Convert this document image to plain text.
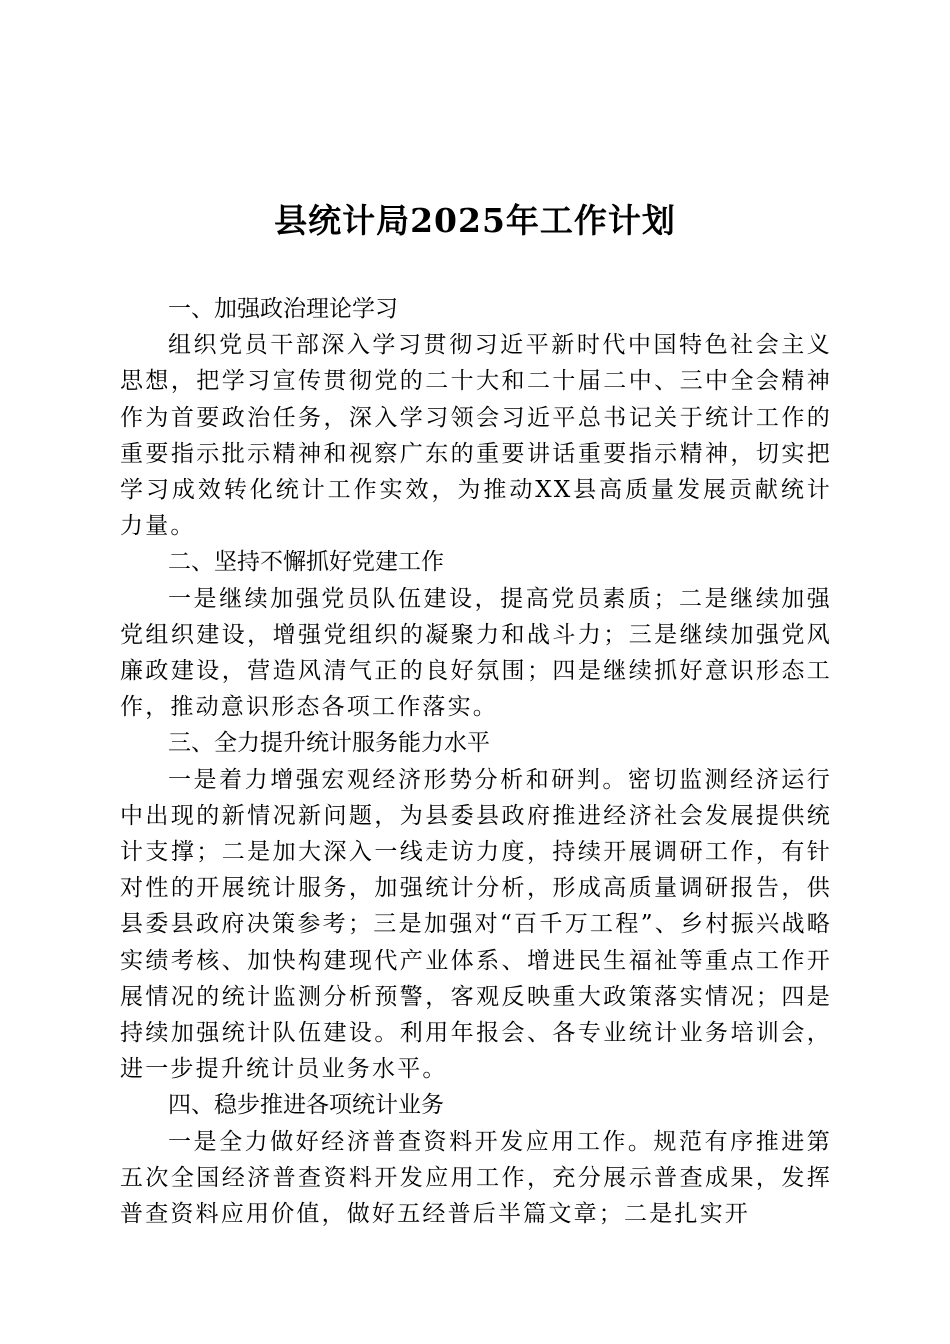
县统计局2025年工作计划
一、加强政治理论学习

组织党员干部深入学习贯彻习近平新时代中国特色社会主义思想，把学习宣传贯彻党的二十大和二十届二中、三中全会精神作为首要政治任务，深入学习领会习近平总书记关于统计工作的重要指示批示精神和视察广东的重要讲话重要指示精神，切实把学习成效转化统计工作实效，为推动XX县高质量发展贡献统计力量。

二、坚持不懈抓好党建工作

一是继续加强党员队伍建设，提高党员素质；二是继续加强党组织建设，增强党组织的凝聚力和战斗力；三是继续加强党风廉政建设，营造风清气正的良好氛围；四是继续抓好意识形态工作，推动意识形态各项工作落实。

三、全力提升统计服务能力水平

一是着力增强宏观经济形势分析和研判。密切监测经济运行中出现的新情况新问题，为县委县政府推进经济社会发展提供统计支撑；二是加大深入一线走访力度，持续开展调研工作，有针对性的开展统计服务，加强统计分析，形成高质量调研报告，供县委县政府决策参考；三是加强对“百千万工程”、乡村振兴战略实绩考核、加快构建现代产业体系、增进民生福祉等重点工作开展情况的统计监测分析预警，客观反映重大政策落实情况；四是持续加强统计队伍建设。利用年报会、各专业统计业务培训会，进一步提升统计员业务水平。

四、稳步推进各项统计业务

一是全力做好经济普查资料开发应用工作。规范有序推进第五次全国经济普查资料开发应用工作，充分展示普查成果，发挥普查资料应用价值，做好五经普后半篇文章；二是扎实开
